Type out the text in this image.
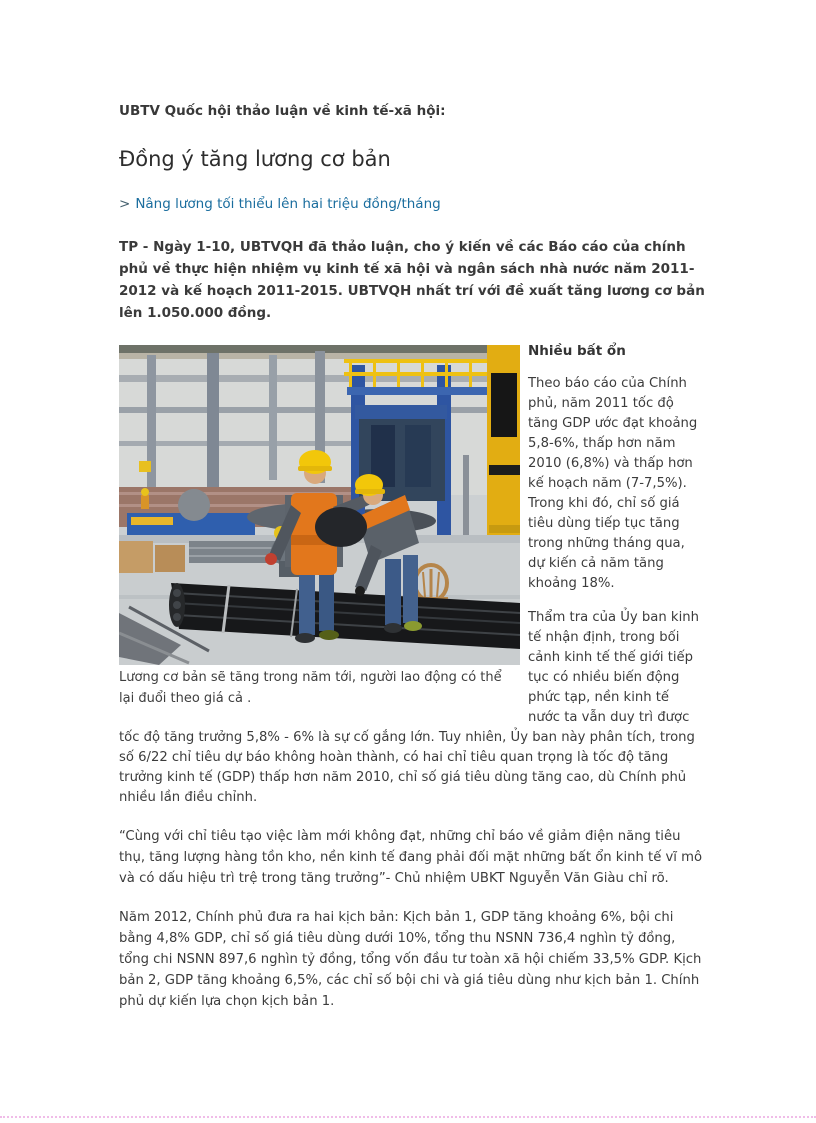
UBTV Quốc hội thảo luận về kinh tế-xã hội:
Đồng ý tăng lương cơ bản
> Nâng lương tối thiểu lên hai triệu đồng/tháng

TP - Ngày 1-10, UBTVQH đã thảo luận, cho ý kiến về các Báo cáo của chính phủ về thực hiện nhiệm vụ kinh tế xã hội và ngân sách nhà nước năm 2011-2012 và kế hoạch 2011-2015. UBTVQH nhất trí với đề xuất tăng lương cơ bản lên 1.050.000 đồng.

Lương cơ bản sẽ tăng trong năm tới, người lao động có thể lại đuổi theo giá cả .
Nhiều bất ổn

Theo báo cáo của Chính phủ, năm 2011 tốc độ tăng GDP ước đạt khoảng 5,8-6%, thấp hơn năm 2010 (6,8%) và thấp hơn kế hoạch năm (7-7,5%). Trong khi đó, chỉ số giá tiêu dùng tiếp tục tăng trong những tháng qua, dự kiến cả năm tăng khoảng 18%.

Thẩm tra của Ủy ban kinh tế nhận định, trong bối cảnh kinh tế thế giới tiếp tục có nhiều biến động phức tạp, nền kinh tế nước ta vẫn duy trì được tốc độ tăng trưởng 5,8% - 6% là sự cố gắng lớn. Tuy nhiên, Ủy ban này phân tích, trong số 6/22 chỉ tiêu dự báo không hoàn thành, có hai chỉ tiêu quan trọng là tốc độ tăng trưởng kinh tế (GDP) thấp hơn năm 2010, chỉ số giá tiêu dùng tăng cao, dù Chính phủ nhiều lần điều chỉnh.

“Cùng với chỉ tiêu tạo việc làm mới không đạt, những chỉ báo về giảm điện năng tiêu thụ, tăng lượng hàng tồn kho, nền kinh tế đang phải đối mặt những bất ổn kinh tế vĩ mô và có dấu hiệu trì trệ trong tăng trưởng”- Chủ nhiệm UBKT Nguyễn Văn Giàu chỉ rõ.

Năm 2012, Chính phủ đưa ra hai kịch bản: Kịch bản 1, GDP tăng khoảng 6%, bội chi bằng 4,8% GDP, chỉ số giá tiêu dùng dưới 10%, tổng thu NSNN 736,4 nghìn tỷ đồng, tổng chi NSNN 897,6 nghìn tỷ đồng, tổng vốn đầu tư toàn xã hội chiếm 33,5% GDP. Kịch bản 2, GDP tăng khoảng 6,5%, các chỉ số bội chi và giá tiêu dùng như kịch bản 1. Chính phủ dự kiến lựa chọn kịch bản 1.
